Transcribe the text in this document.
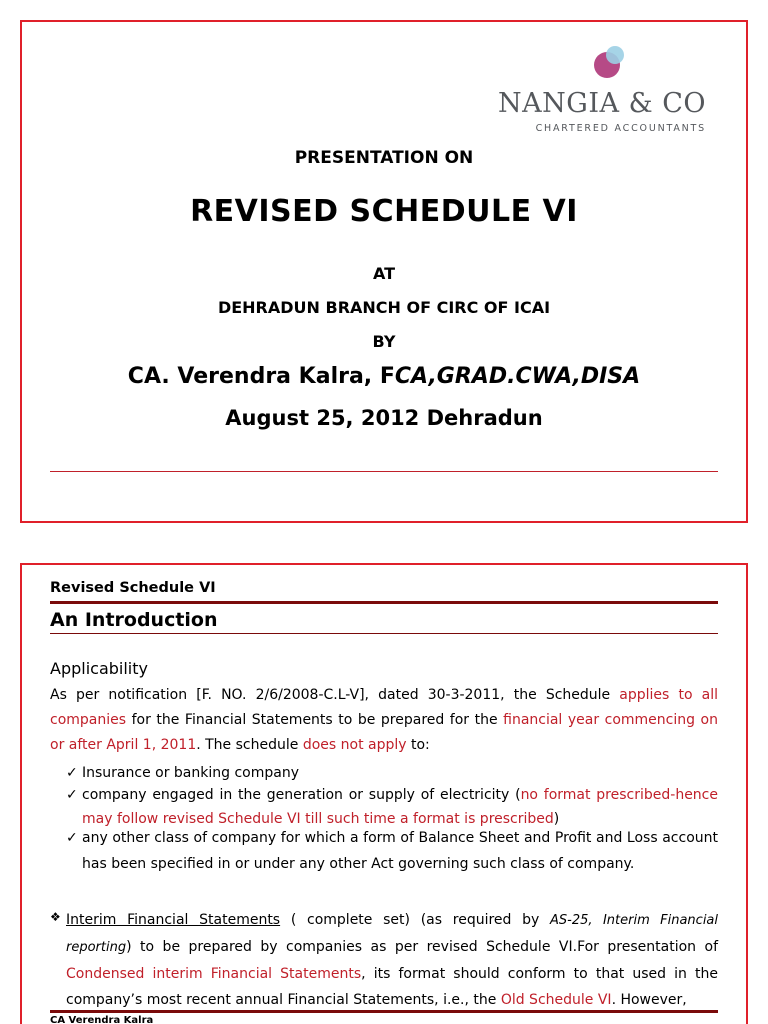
NANGIA & CO
CHARTERED ACCOUNTANTS
PRESENTATION ON
REVISED SCHEDULE VI
AT
DEHRADUN BRANCH OF CIRC OF ICAI
BY
CA. Verendra Kalra, FCA,GRAD.CWA,DISA
August 25, 2012 Dehradun
Revised Schedule VI
An Introduction
Applicability
As per notification [F. NO. 2/6/2008-C.L-V], dated 30-3-2011, the Schedule applies to all companies for the Financial Statements to be prepared for the financial year commencing on or after April 1, 2011. The schedule does not apply to:
✓ Insurance or banking company
✓ company engaged in the generation or supply of electricity (no format prescribed-hence may follow revised Schedule VI till such time a format is prescribed)
✓ any other class of company for which a form of Balance Sheet and Profit and Loss account has been specified in or under any other Act governing such class of company.
❖ Interim Financial Statements ( complete set) (as required by AS-25, Interim Financial reporting) to be prepared by companies as per revised Schedule VI.For presentation of Condensed interim Financial Statements, its format should conform to that used in the company’s most recent annual Financial Statements, i.e., the Old Schedule VI. However,
CA Verendra Kalra
